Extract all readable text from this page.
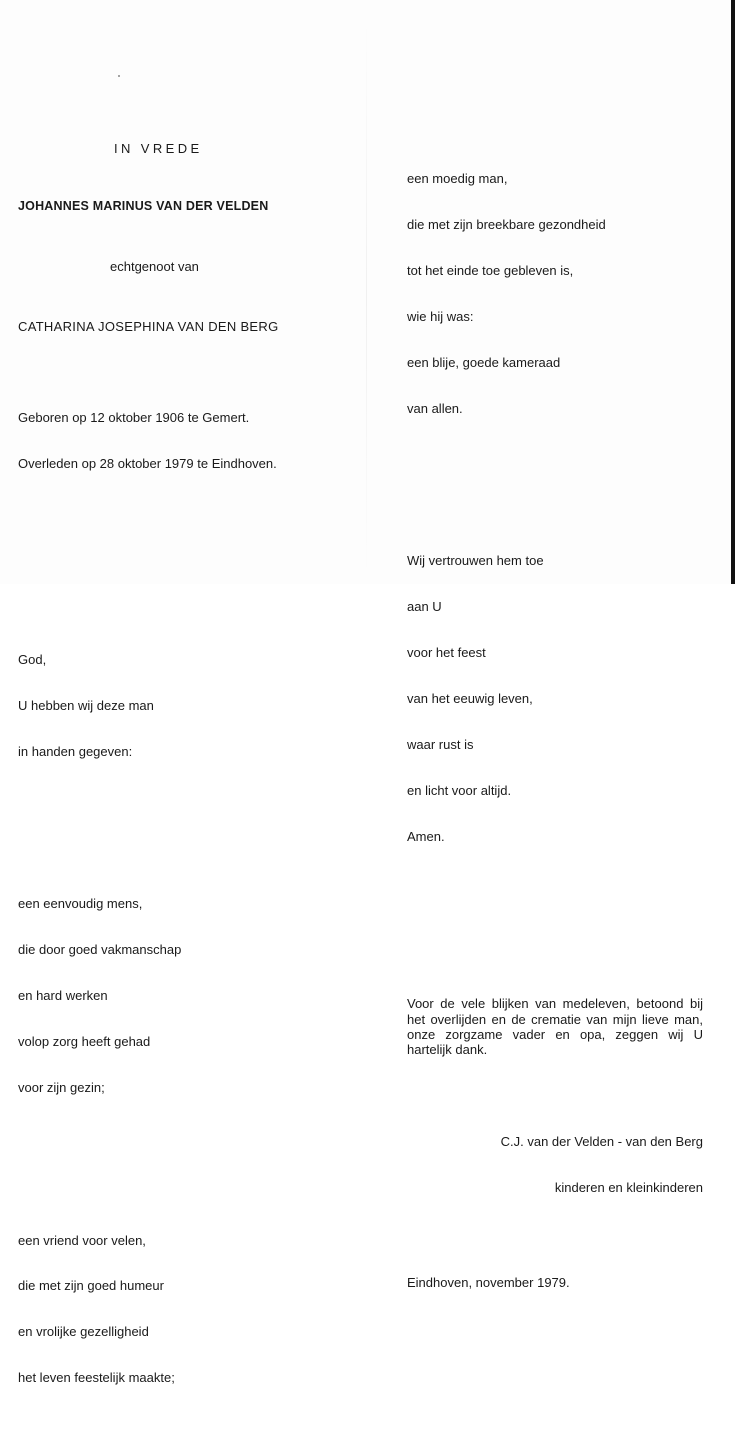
IN VREDE

JOHANNES MARINUS VAN DER VELDEN

echtgenoot van

CATHARINA JOSEPHINA VAN DEN BERG

Geboren op 12 oktober 1906 te Gemert.

Overleden op 28 oktober 1979 te Eindhoven.

God,

U hebben wij deze man

in handen gegeven:

een eenvoudig mens,

die door goed vakmanschap

en hard werken

volop zorg heeft gehad

voor zijn gezin;

een vriend voor velen,

die met zijn goed humeur

en vrolijke gezelligheid

het leven feestelijk maakte;

een moedig man,

die met zijn breekbare gezondheid

tot het einde toe gebleven is,

wie hij was:

een blije, goede kameraad

van allen.

Wij vertrouwen hem toe

aan U

voor het feest

van het eeuwig leven,

waar rust is

en licht voor altijd.

Amen.

Voor de vele blijken van medeleven, betoond bij het overlijden en de crematie van mijn lieve man, onze zorgzame vader en opa, zeggen wij U hartelijk dank.

C.J. van der Velden - van den Berg

kinderen en kleinkinderen

Eindhoven, november 1979.
